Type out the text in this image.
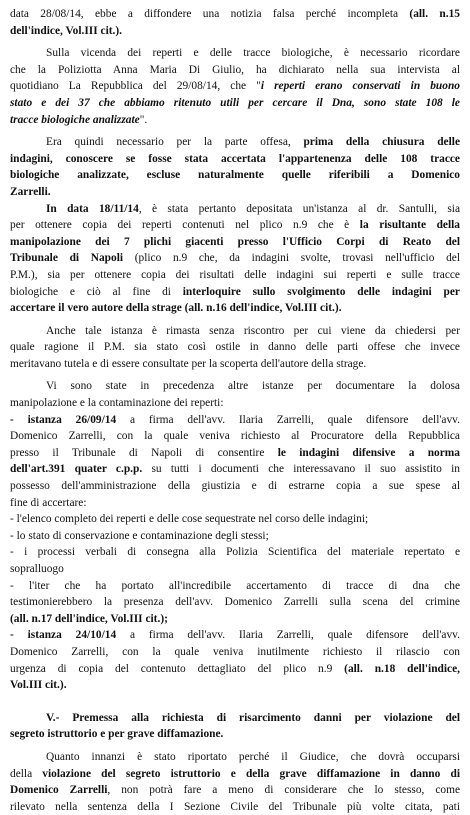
data 28/08/14, ebbe a diffondere una notizia falsa perché incompleta (all. n.15
dell'indice, Vol.III cit.).
Sulla vicenda dei reperti e delle tracce biologiche, è necessario ricordare
che la Poliziotta Anna Maria Di Giulio, ha dichiarato nella sua intervista al
quotidiano La Repubblica del 29/08/14, che "i reperti erano conservati in buono
stato e dei 37 che abbiamo ritenuto utili per cercare il Dna, sono state 108 le
tracce biologiche analizzate".
Era quindi necessario per la parte offesa, prima della chiusura delle
indagini, conoscere se fosse stata accertata l'appartenenza delle 108 tracce
biologiche analizzate, escluse naturalmente quelle riferibili a Domenico
Zarrelli.
In data 18/11/14, è stata pertanto depositata un'istanza al dr. Santulli, sia
per ottenere copia dei reperti contenuti nel plico n.9 che è la risultante della
manipolazione dei 7 plichi giacenti presso l'Ufficio Corpi di Reato del
Tribunale di Napoli (plico n.9 che, da indagini svolte, trovasi nell'ufficio del
P.M.), sia per ottenere copia dei risultati delle indagini sui reperti e sulle tracce
biologiche e ciò al fine di interloquire sullo svolgimento delle indagini per
accertare il vero autore della strage (all. n.16 dell'indice, Vol.III cit.).
Anche tale istanza è rimasta senza riscontro per cui viene da chiedersi per
quale ragione il P.M. sia stato così ostile in danno delle parti offese che invece
meritavano tutela e di essere consultate per la scoperta dell'autore della strage.
Vi sono state in precedenza altre istanze per documentare la dolosa
manipolazione e la contaminazione dei reperti:
- istanza 26/09/14 a firma dell'avv. Ilaria Zarrelli, quale difensore dell'avv.
Domenico Zarrelli, con la quale veniva richiesto al Procuratore della Repubblica
presso il Tribunale di Napoli di consentire le indagini difensive a norma
dell'art.391 quater c.p.p. su tutti i documenti che interessavano il suo assistito in
possesso dell'amministrazione della giustizia e di estrarne copia a sue spese al
fine di accertare:
- l'elenco completo dei reperti e delle cose sequestrate nel corso delle indagini;
- lo stato di conservazione e contaminazione degli stessi;
- i processi verbali di consegna alla Polizia Scientifica del materiale repertato e
sopralluogo
- l'iter che ha portato all'incredibile accertamento di tracce di dna che
testimonierebbero la presenza dell'avv. Domenico Zarrelli sulla scena del crimine
(all. n.17 dell'indice, Vol.III cit.);
- istanza 24/10/14 a firma dell'avv. Ilaria Zarrelli, quale difensore dell'avv.
Domenico Zarrelli, con la quale veniva inutilmente richiesto il rilascio con
urgenza di copia del contenuto dettagliato del plico n.9 (all. n.18 dell'indice,
Vol.III cit.).
V.- Premessa alla richiesta di risarcimento danni per violazione del
segreto istruttorio e per grave diffamazione.
Quanto innanzi è stato riportato perché il Giudice, che dovrà occuparsi
della violazione del segreto istruttorio e della grave diffamazione in danno di
Domenico Zarrelli, non potrà fare a meno di considerare che lo stesso, come
rilevato nella sentenza della I Sezione Civile del Tribunale più volte citata, pati
